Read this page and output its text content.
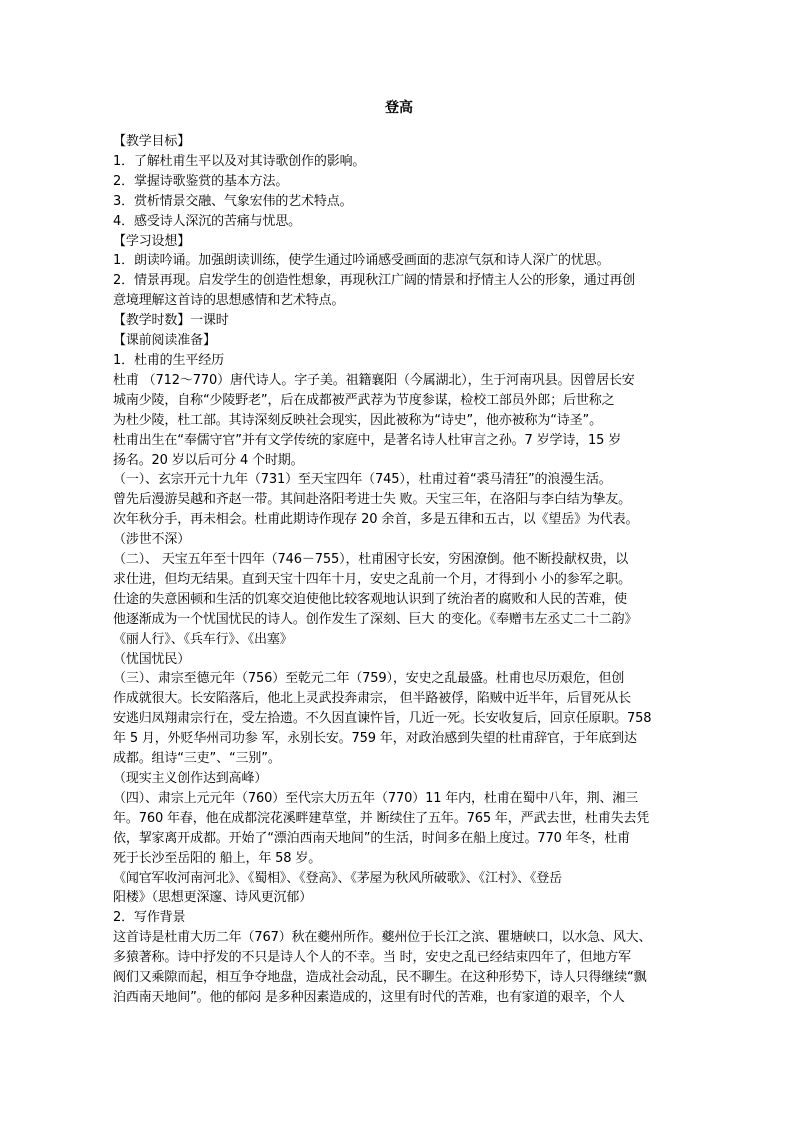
登高
【教学目标】
1．了解杜甫生平以及对其诗歌创作的影响。
2．掌握诗歌鉴赏的基本方法。
3．赏析情景交融、气象宏伟的艺术特点。
4．感受诗人深沉的苦痛与忧思。
【学习设想】
1．朗读吟诵。加强朗读训练，使学生通过吟诵感受画面的悲凉气氛和诗人深广的忧思。
2．情景再现。启发学生的创造性想象，再现秋江广阔的情景和抒情主人公的形象，通过再创
意境理解这首诗的思想感情和艺术特点。
【教学时数】一课时
【课前阅读准备】
1．杜甫的生平经历
杜甫 （712～770）唐代诗人。字子美。祖籍襄阳（今属湖北），生于河南巩县。因曾居长安
城南少陵，自称“少陵野老”，后在成都被严武荐为节度参谋，检校工部员外郎；后世称之
为杜少陵，杜工部。其诗深刻反映社会现实，因此被称为“诗史”，他亦被称为“诗圣”。
杜甫出生在“奉儒守官”并有文学传统的家庭中，是著名诗人杜审言之孙。7 岁学诗，15 岁
扬名。20 岁以后可分 4 个时期。
（一）、玄宗开元十九年（731）至天宝四年（745），杜甫过着“裘马清狂”的浪漫生活。
曾先后漫游吴越和齐赵一带。其间赴洛阳考进士失 败。天宝三年，在洛阳与李白结为挚友。
次年秋分手，再未相会。杜甫此期诗作现存 20 余首，多是五律和五古，以《望岳》为代表。
（涉世不深）
（二）、 天宝五年至十四年（746－755），杜甫困守长安，穷困潦倒。他不断投献权贵，以
求仕进，但均无结果。直到天宝十四年十月，安史之乱前一个月，才得到小 小的参军之职。
仕途的失意困顿和生活的饥寒交迫使他比较客观地认识到了统治者的腐败和人民的苦难，使
他逐渐成为一个忧国忧民的诗人。创作发生了深刻、巨大 的变化。《奉赠韦左丞丈二十二韵》
《丽人行》、《兵车行》、《出塞》
（忧国忧民）
（三）、肃宗至德元年（756）至乾元二年（759），安史之乱最盛。杜甫也尽历艰危，但创
作成就很大。长安陷落后，他北上灵武投奔肃宗， 但半路被俘，陷贼中近半年，后冒死从长
安逃归凤翔肃宗行在，受左拾遗。不久因直谏忤旨，几近一死。长安收复后，回京任原职。758
年 5 月，外贬华州司功参 军，永别长安。759 年，对政治感到失望的杜甫辞官，于年底到达
成都。组诗“三吏”、“三别”。
（现实主义创作达到高峰）
（四）、肃宗上元元年（760）至代宗大历五年（770）11 年内，杜甫在蜀中八年，荆、湘三
年。760 年春，他在成都浣花溪畔建草堂，并 断续住了五年。765 年，严武去世，杜甫失去凭
依，挈家离开成都。开始了“漂泊西南天地间”的生活，时间多在船上度过。770 年冬，杜甫
死于长沙至岳阳的 船上，年 58 岁。
《闻官军收河南河北》、《蜀相》、《登高》、《茅屋为秋风所破歌》、《江村》、《登岳
阳楼》（思想更深邃、诗风更沉郁）
2．写作背景
这首诗是杜甫大历二年（767）秋在夔州所作。夔州位于长江之滨、瞿塘峡口，以水急、风大、
多猿著称。诗中抒发的不只是诗人个人的不幸。当 时，安史之乱已经结束四年了，但地方军
阀们又乘隙而起，相互争夺地盘，造成社会动乱，民不聊生。在这种形势下，诗人只得继续“飘
泊西南天地间”。他的郁闷 是多种因素造成的，这里有时代的苦难，也有家道的艰辛，个人
